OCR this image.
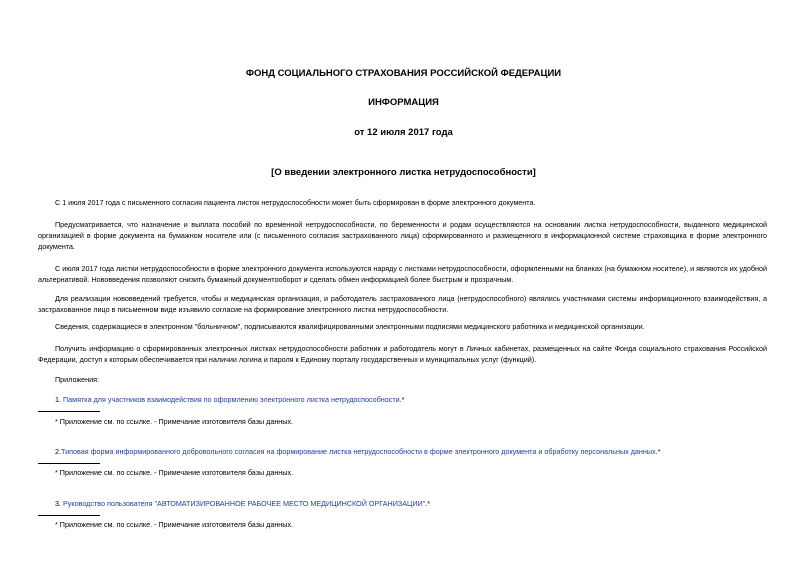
ФОНД СОЦИАЛЬНОГО СТРАХОВАНИЯ РОССИЙСКОЙ ФЕДЕРАЦИИ
ИНФОРМАЦИЯ
от 12 июля 2017 года
[О введении электронного листка нетрудоспособности]
С 1 июля 2017 года с письменного согласия пациента листок нетрудоспособности может быть сформирован в форме электронного документа.
Предусматривается, что назначение и выплата пособий по временной нетрудоспособности, по беременности и родам осуществляются на основании листка нетрудоспособности, выданного медицинской организацией в форме документа на бумажном носителе или (с письменного согласия застрахованного лица) сформированного и размещенного в информационной системе страховщика в форме электронного документа.
С июля 2017 года листки нетрудоспособности в форме электронного документа используются наряду с листками нетрудоспособности, оформленными на бланках (на бумажном носителе), и являются их удобной альтернативой. Нововведения позволяют снизить бумажный документооборот и сделать обмен информацией более быстрым и прозрачным.
Для реализации нововведений требуется, чтобы и медицинская организация, и работодатель застрахованного лица (нетрудоспособного) являлись участниками системы информационного взаимодействия, а застрахованное лицо в письменном виде изъявило согласие на формирование электронного листка нетрудоспособности.
Сведения, содержащиеся в электронном "больничном", подписываются квалифицированными электронными подписями медицинского работника и медицинской организации.
Получить информацию о сформированных электронных листках нетрудоспособности работник и работодатель могут в Личных кабинетах, размещенных на сайте Фонда социального страхования Российской Федерации, доступ к которым обеспечивается при наличии логина и пароля к Единому порталу государственных и муниципальных услуг (функций).
Приложения:
1. Памятка для участников взаимодействия по оформлению электронного листка нетрудоспособности.*
* Приложение см. по ссылке. - Примечание изготовителя базы данных.
2.Типовая форма информированного добровольного согласия на формирование листка нетрудоспособности в форме электронного документа и обработку персональных данных.*
* Приложение см. по ссылке. - Примечание изготовителя базы данных.
3. Руководство пользователя "АВТОМАТИЗИРОВАННОЕ РАБОЧЕЕ МЕСТО МЕДИЦИНСКОЙ ОРГАНИЗАЦИИ".*
* Приложение см. по ссылке. - Примечание изготовителя базы данных.
